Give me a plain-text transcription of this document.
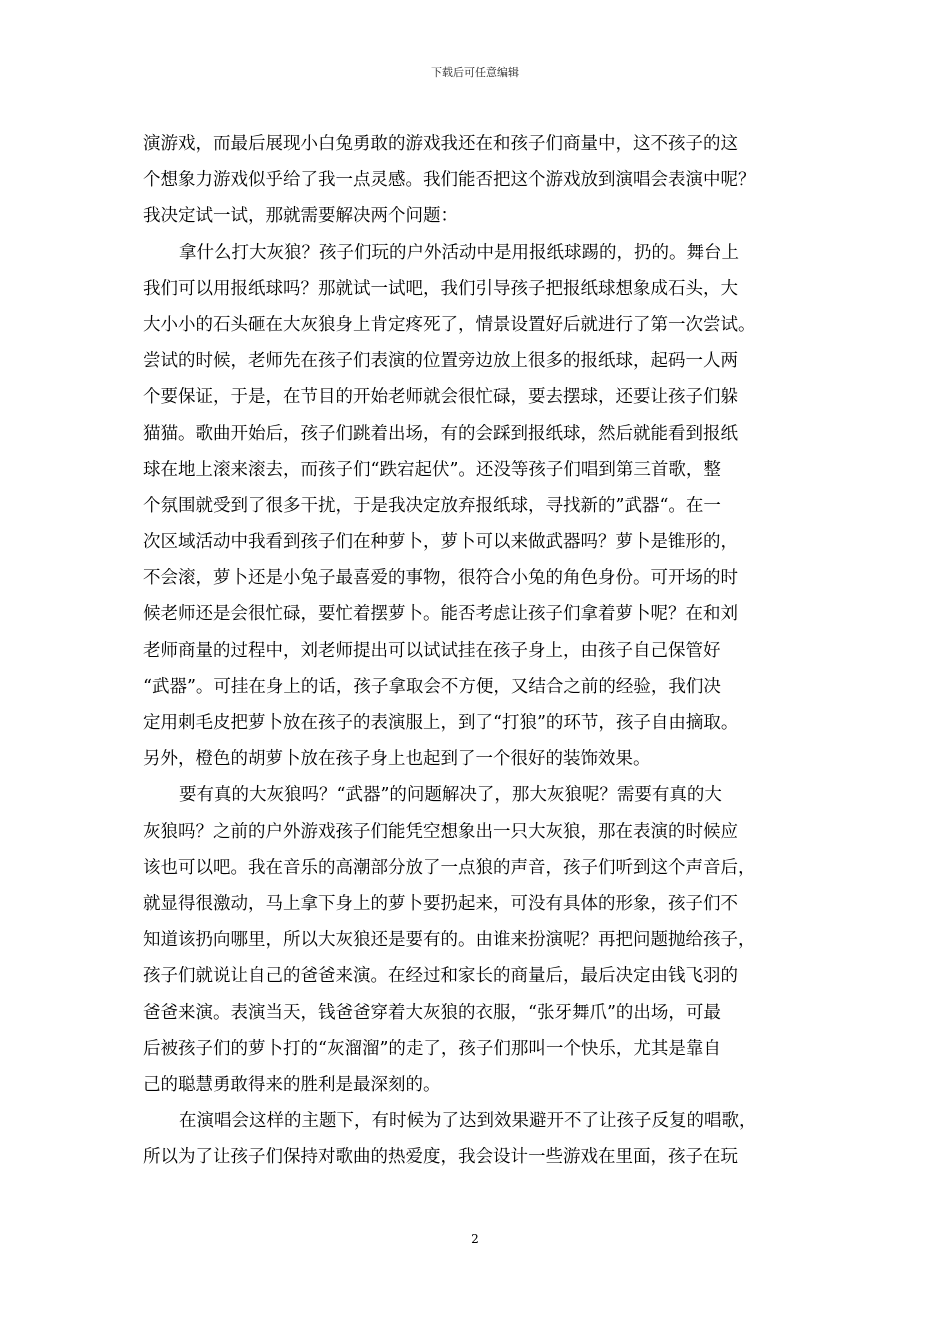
下载后可任意编辑
演游戏，而最后展现小白兔勇敢的游戏我还在和孩子们商量中，这不孩子的这
个想象力游戏似乎给了我一点灵感。我们能否把这个游戏放到演唱会表演中呢？
我决定试一试，那就需要解决两个问题：
拿什么打大灰狼？孩子们玩的户外活动中是用报纸球踢的，扔的。舞台上
我们可以用报纸球吗？那就试一试吧，我们引导孩子把报纸球想象成石头，大
大小小的石头砸在大灰狼身上肯定疼死了，情景设置好后就进行了第一次尝试。
尝试的时候，老师先在孩子们表演的位置旁边放上很多的报纸球，起码一人两
个要保证，于是，在节目的开始老师就会很忙碌，要去摆球，还要让孩子们躲
猫猫。歌曲开始后，孩子们跳着出场，有的会踩到报纸球，然后就能看到报纸
球在地上滚来滚去，而孩子们“跌宕起伏”。还没等孩子们唱到第三首歌，整
个氛围就受到了很多干扰，于是我决定放弃报纸球，寻找新的”武器“。在一
次区域活动中我看到孩子们在种萝卜，萝卜可以来做武器吗？萝卜是锥形的，
不会滚，萝卜还是小兔子最喜爱的事物，很符合小兔的角色身份。可开场的时
候老师还是会很忙碌，要忙着摆萝卜。能否考虑让孩子们拿着萝卜呢？在和刘
老师商量的过程中，刘老师提出可以试试挂在孩子身上，由孩子自己保管好
“武器”。可挂在身上的话，孩子拿取会不方便，又结合之前的经验，我们决
定用刺毛皮把萝卜放在孩子的表演服上，到了“打狼”的环节，孩子自由摘取。
另外，橙色的胡萝卜放在孩子身上也起到了一个很好的装饰效果。
要有真的大灰狼吗？“武器”的问题解决了，那大灰狼呢？需要有真的大
灰狼吗？之前的户外游戏孩子们能凭空想象出一只大灰狼，那在表演的时候应
该也可以吧。我在音乐的高潮部分放了一点狼的声音，孩子们听到这个声音后，
就显得很激动，马上拿下身上的萝卜要扔起来，可没有具体的形象，孩子们不
知道该扔向哪里，所以大灰狼还是要有的。由谁来扮演呢？再把问题抛给孩子，
孩子们就说让自己的爸爸来演。在经过和家长的商量后，最后决定由钱飞羽的
爸爸来演。表演当天，钱爸爸穿着大灰狼的衣服，“张牙舞爪”的出场，可最
后被孩子们的萝卜打的“灰溜溜”的走了，孩子们那叫一个快乐，尤其是靠自
己的聪慧勇敢得来的胜利是最深刻的。
在演唱会这样的主题下，有时候为了达到效果避开不了让孩子反复的唱歌，
所以为了让孩子们保持对歌曲的热爱度，我会设计一些游戏在里面，孩子在玩
2
